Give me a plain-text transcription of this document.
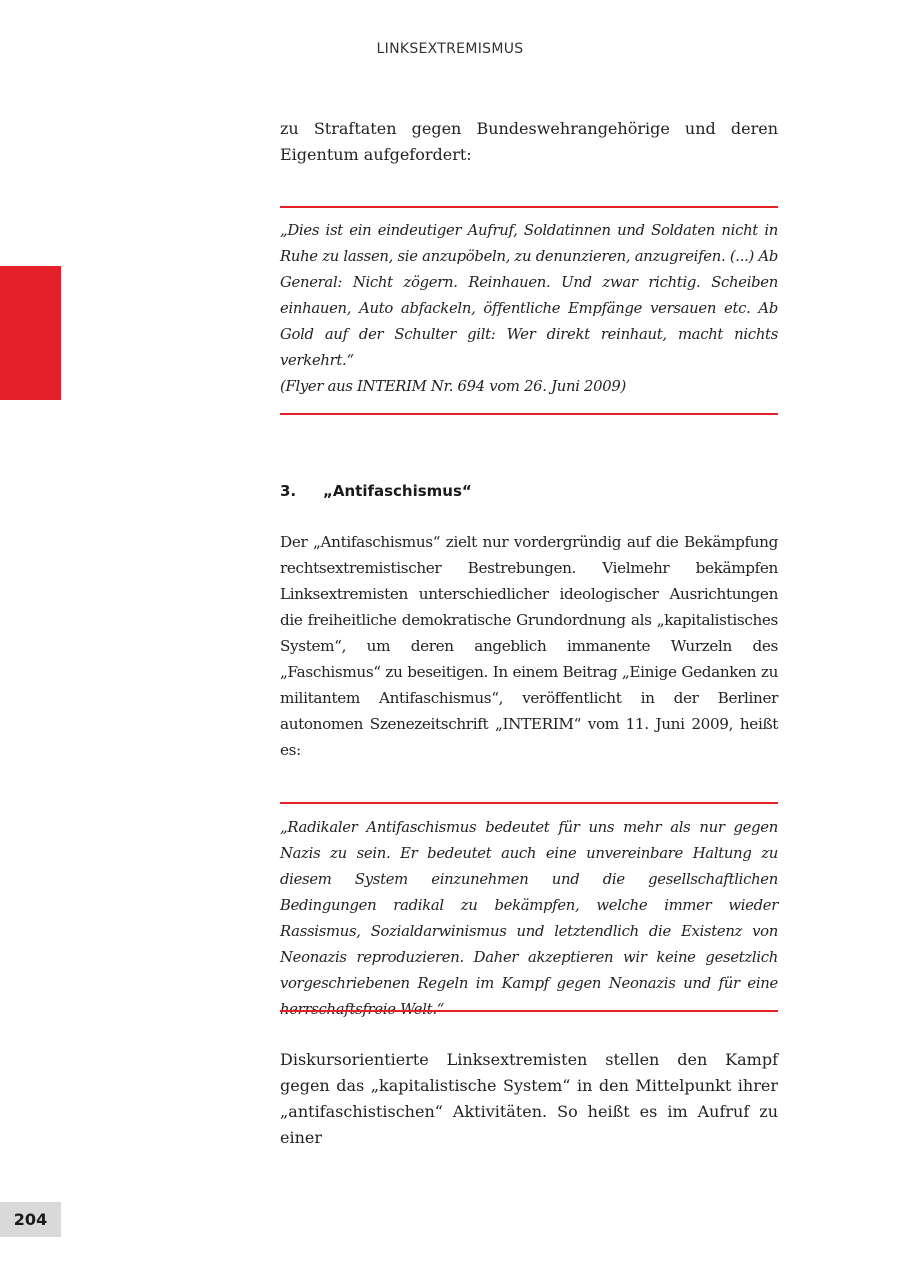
LINKSEXTREMISMUS
204

zu Straftaten gegen Bundeswehrangehörige und deren Eigentum aufgefordert:

„Dies ist ein eindeutiger Aufruf, Soldatinnen und Soldaten nicht in Ruhe zu lassen, sie anzupöbeln, zu denunzieren, anzugreifen. (...) Ab General: Nicht zögern. Reinhauen. Und zwar richtig. Scheiben einhauen, Auto abfackeln, öffentliche Empfänge versauen etc. Ab Gold auf der Schulter gilt: Wer direkt reinhaut, macht nichts verkehrt.“

(Flyer aus INTERIM Nr. 694 vom 26. Juni 2009)

3. „Antifaschismus“

Der „Antifaschismus“ zielt nur vordergründig auf die Bekämpfung rechtsextremistischer Bestrebungen. Vielmehr bekämpfen Linksextremisten unterschiedlicher ideologischer Ausrichtungen die freiheitliche demokratische Grundordnung als „kapitalistisches System“, um deren angeblich immanente Wurzeln des „Faschismus“ zu beseitigen. In einem Beitrag „Einige Gedanken zu militantem Antifaschismus“, veröffentlicht in der Berliner autonomen Szenezeitschrift „INTERIM“ vom 11. Juni 2009, heißt es:

„Radikaler Antifaschismus bedeutet für uns mehr als nur gegen Nazis zu sein. Er bedeutet auch eine unvereinbare Haltung zu diesem System einzunehmen und die gesellschaftlichen Bedingungen radikal zu bekämpfen, welche immer wieder Rassismus, Sozialdarwinismus und letztendlich die Existenz von Neonazis reproduzieren. Daher akzeptieren wir keine gesetzlich vorgeschriebenen Regeln im Kampf gegen Neonazis und für eine herrschaftsfreie Welt.“

Diskursorientierte Linksextremisten stellen den Kampf gegen das „kapitalistische System“ in den Mittelpunkt ihrer „antifaschistischen“ Aktivitäten. So heißt es im Aufruf zu einer
